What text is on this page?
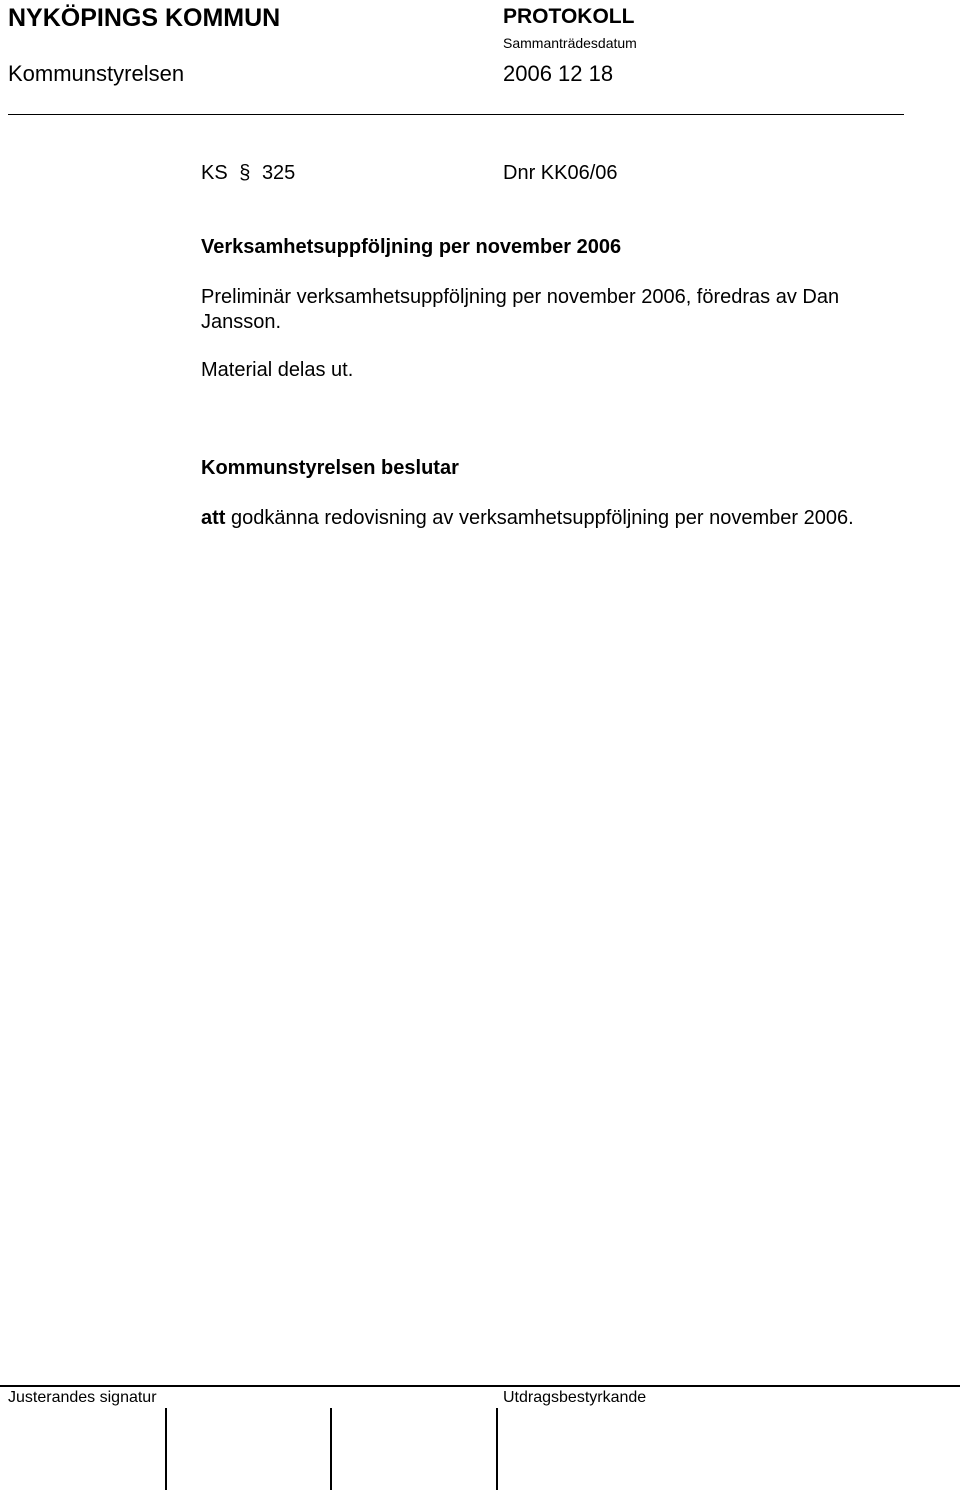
NYKÖPINGS KOMMUN	PROTOKOLL
Sammanträdesdatum
Kommunstyrelsen	2006 12 18
KS § 325	Dnr KK06/06
Verksamhetsuppföljning per november 2006
Preliminär verksamhetsuppföljning per november 2006, föredras av Dan
Jansson.
Material delas ut.
Kommunstyrelsen beslutar
att godkänna redovisning av verksamhetsuppföljning per november 2006.
Justerandes signatur	Utdragsbestyrkande
